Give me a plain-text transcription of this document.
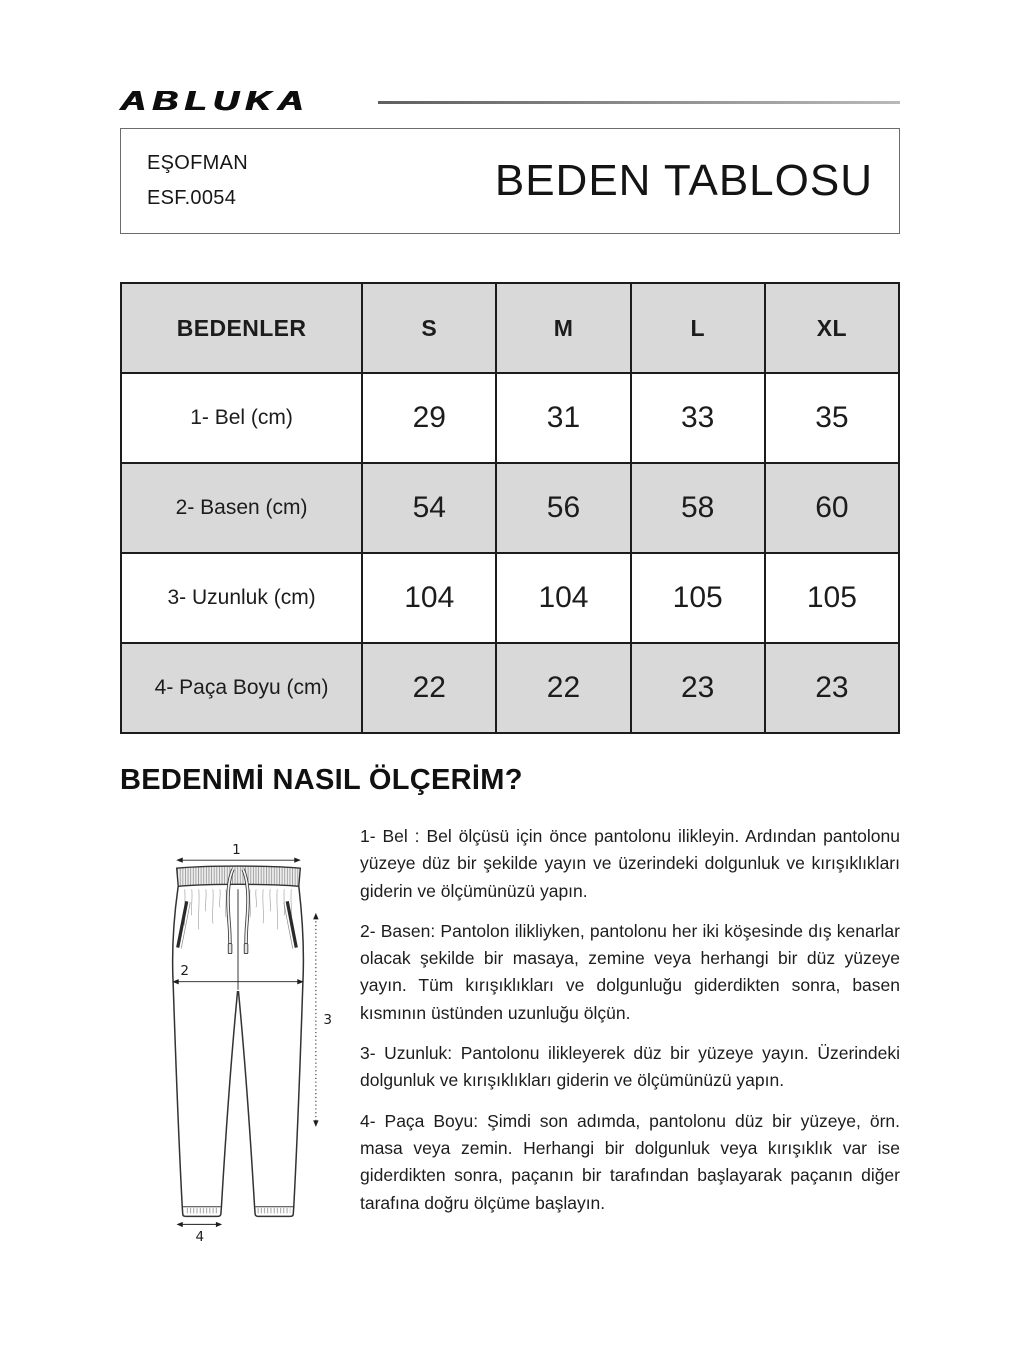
ABLUKA
EŞOFMAN
ESF.0054	BEDEN TABLOSU
BEDENLER	S	M	L	XL
1- Bel (cm)	29	31	33	35
2- Basen (cm)	54	56	58	60
3- Uzunluk (cm)	104	104	105	105
4- Paça Boyu (cm)	22	22	23	23
BEDENİMİ NASIL ÖLÇERİM?
1
2
3
4

1- Bel : Bel ölçüsü için önce pantolonu ilikleyin. Ardından pantolonu yüzeye düz bir şekilde yayın ve üzerindeki dolgunluk ve kırışıklıkları giderin ve ölçümünüzü yapın.

2- Basen: Pantolon ilikliyken, pantolonu her iki köşesinde dış kenarlar olacak şekilde bir masaya, zemine veya herhangi bir düz yüzeye yayın. Tüm kırışıklıkları ve dolgunluğu giderdikten sonra, basen kısmının üstünden uzunluğu ölçün.

3- Uzunluk: Pantolonu ilikleyerek düz bir yüzeye yayın. Üzerindeki dolgunluk ve kırışıklıkları giderin ve ölçümünüzü yapın.

4- Paça Boyu: Şimdi son adımda, pantolonu düz bir yüzeye, örn. masa veya zemin. Herhangi bir dolgunluk veya kırışıklık var ise giderdikten sonra, paçanın bir tarafından başlayarak paçanın diğer tarafına doğru ölçüme başlayın.
